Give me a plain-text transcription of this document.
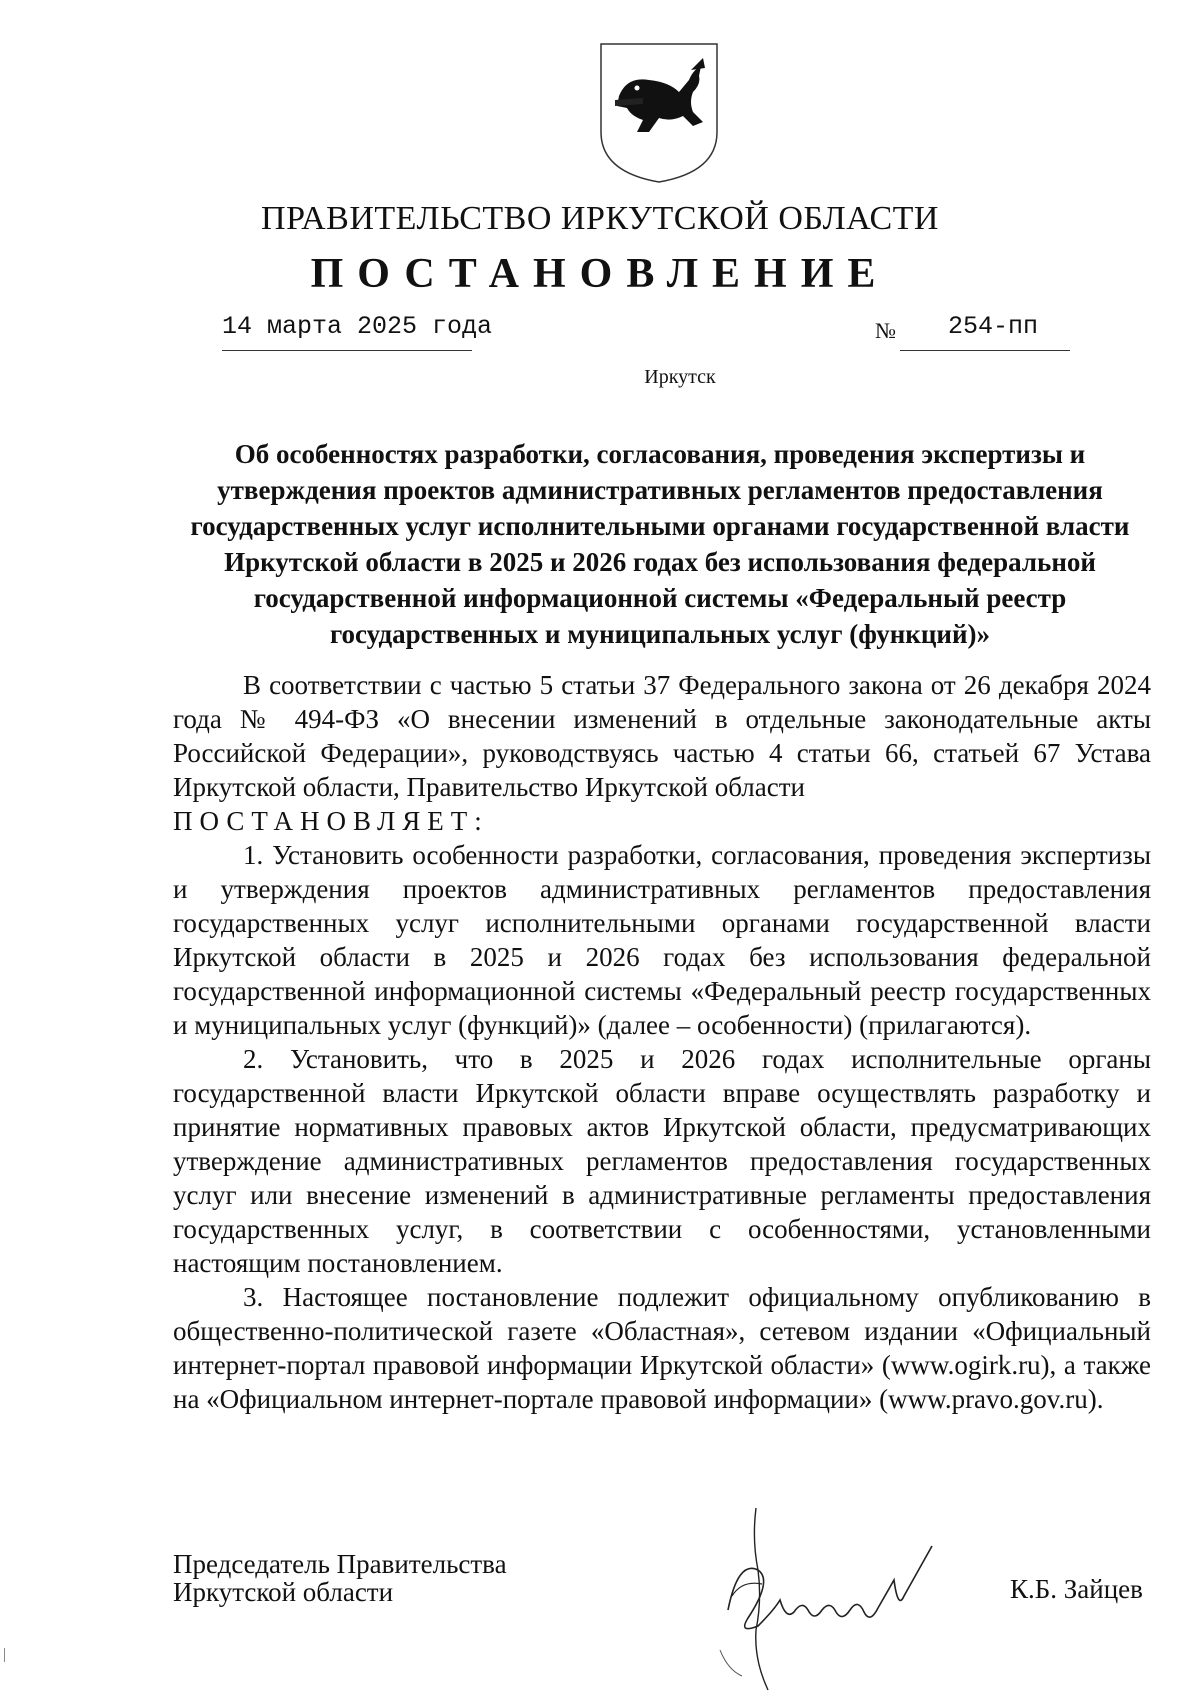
ПРАВИТЕЛЬСТВО ИРКУТСКОЙ ОБЛАСТИ
ПОСТАНОВЛЕНИЕ
14 марта 2025 года	№ 254-пп
Иркутск
Об особенностях разработки, согласования, проведения экспертизы и утверждения проектов административных регламентов предоставления государственных услуг исполнительными органами государственной власти Иркутской области в 2025 и 2026 годах без использования федеральной государственной информационной системы «Федеральный реестр государственных и муниципальных услуг (функций)»

В соответствии с частью 5 статьи 37 Федерального закона от 26 декабря 2024 года № 494-ФЗ «О внесении изменений в отдельные законодательные акты Российской Федерации», руководствуясь частью 4 статьи 66, статьей 67 Устава Иркутской области, Правительство Иркутской области

ПОСТАНОВЛЯЕТ:

1. Установить особенности разработки, согласования, проведения экспертизы и утверждения проектов административных регламентов предоставления государственных услуг исполнительными органами государственной власти Иркутской области в 2025 и 2026 годах без использования федеральной государственной информационной системы «Федеральный реестр государственных и муниципальных услуг (функций)» (далее – особенности) (прилагаются).

2. Установить, что в 2025 и 2026 годах исполнительные органы государственной власти Иркутской области вправе осуществлять разработку и принятие нормативных правовых актов Иркутской области, предусматривающих утверждение административных регламентов предоставления государственных услуг или внесение изменений в административные регламенты предоставления государственных услуг, в соответствии с особенностями, установленными настоящим постановлением.

3. Настоящее постановление подлежит официальному опубликованию в общественно-политической газете «Областная», сетевом издании «Официальный интернет-портал правовой информации Иркутской области» (www.ogirk.ru), а также на «Официальном интернет-портале правовой информации» (www.pravo.gov.ru).

Председатель Правительства
Иркутской области	К.Б. Зайцев
